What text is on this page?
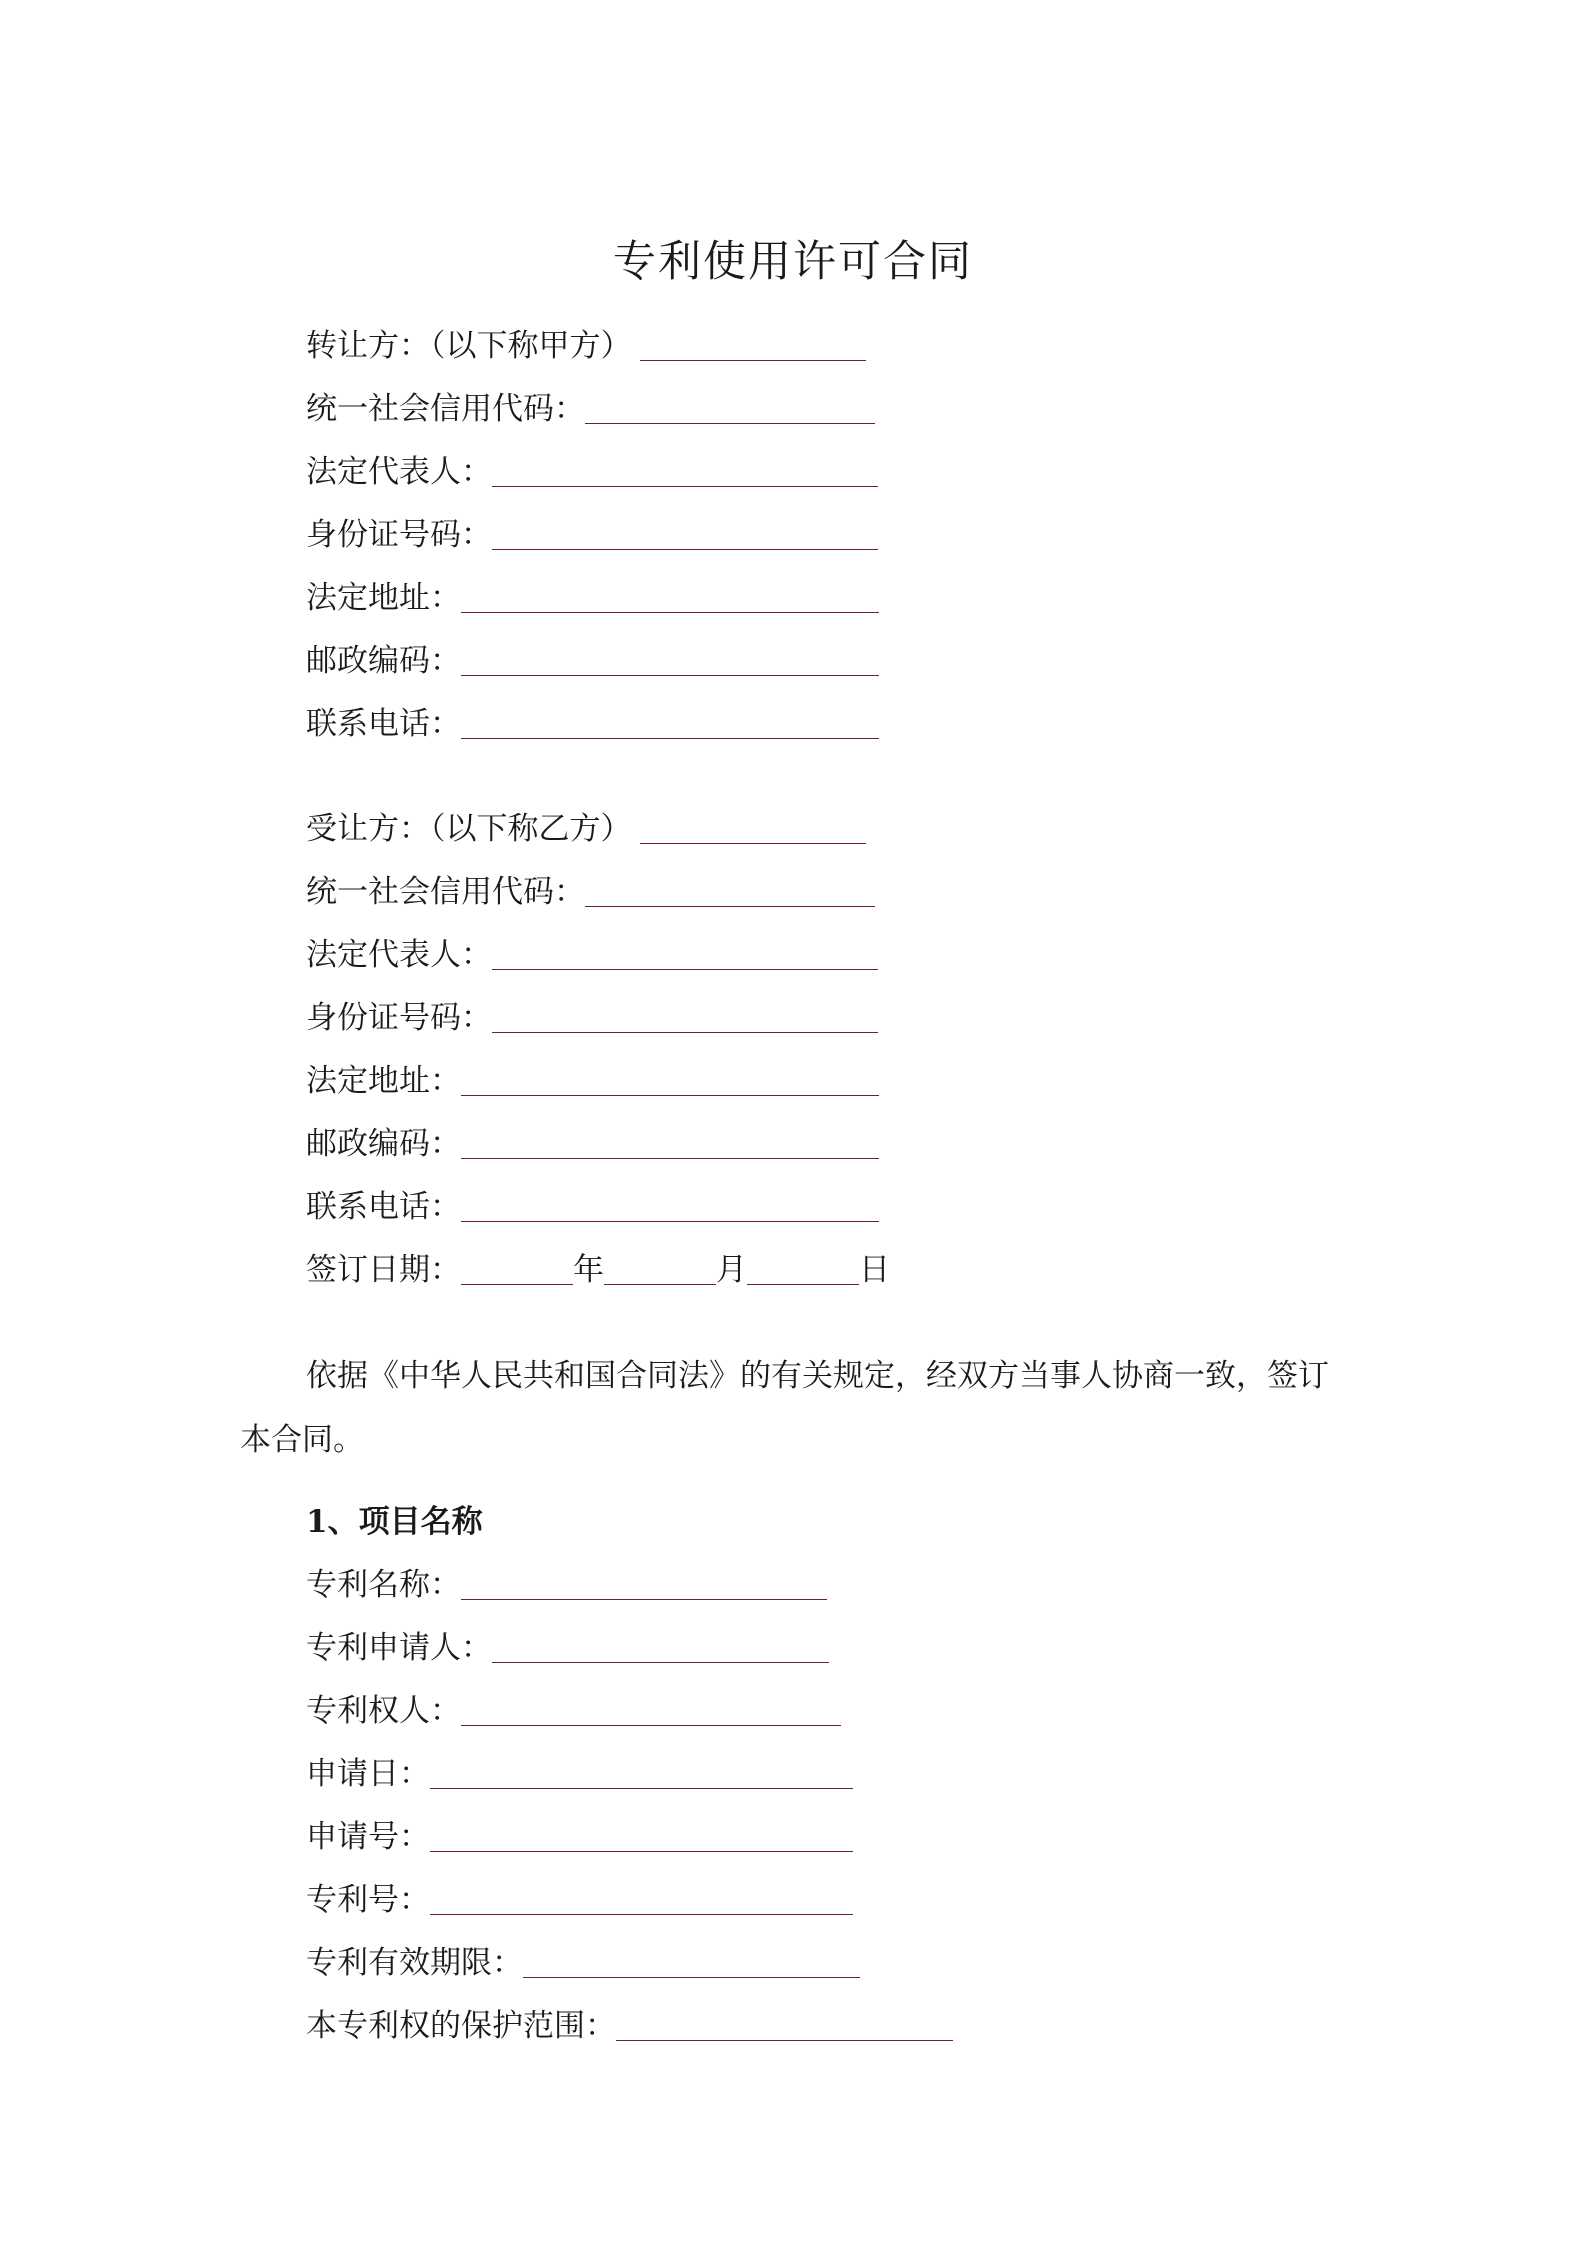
专利使用许可合同
转让方：（以下称甲方）
统一社会信用代码：
法定代表人：
身份证号码：
法定地址：
邮政编码：
联系电话：
受让方：（以下称乙方）
统一社会信用代码：
法定代表人：
身份证号码：
法定地址：
邮政编码：
联系电话：
签订日期：	年	月	日
依据《中华人民共和国合同法》的有关规定，经双方当事人协商一致，签订
本合同。
1、项目名称
专利名称：
专利申请人：
专利权人：
申请日：
申请号：
专利号：
专利有效期限：
本专利权的保护范围：
